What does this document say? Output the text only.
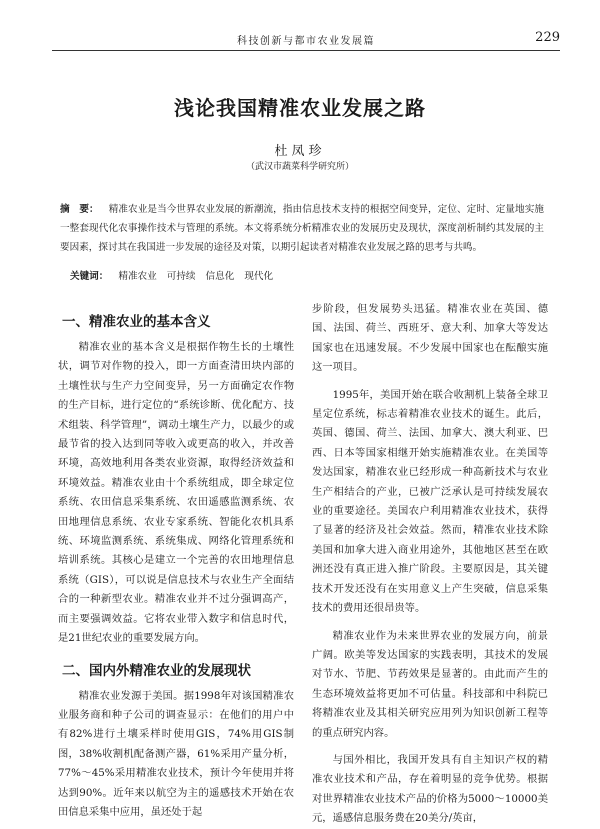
科技创新与都市农业发展篇	229
浅论我国精准农业发展之路
杜凤珍
（武汉市蔬菜科学研究所）
摘　要： 精准农业是当今世界农业发展的新潮流，指由信息技术支持的根据空间变异，定位、定时、定量地实施一整套现代化农事操作技术与管理的系统。本文将系统分析精准农业的发展历史及现状，深度剖析制约其发展的主要因素，探讨其在我国进一步发展的途径及对策，以期引起读者对精准农业发展之路的思考与共鸣。
关键词： 精准农业 可持续 信息化 现代化
一、精准农业的基本含义

精准农业的基本含义是根据作物生长的土壤性状，调节对作物的投入，即一方面查清田块内部的土壤性状与生产力空间变异，另一方面确定农作物的生产目标，进行定位的“系统诊断、优化配方、技术组装、科学管理”，调动土壤生产力，以最少的或最节省的投入达到同等收入或更高的收入，并改善环境，高效地利用各类农业资源，取得经济效益和环境效益。精准农业由十个系统组成，即全球定位系统、农田信息采集系统、农田遥感监测系统、农田地理信息系统、农业专家系统、智能化农机具系统、环境监测系统、系统集成、网络化管理系统和培训系统。其核心是建立一个完善的农田地理信息系统（GIS），可以说是信息技术与农业生产全面结合的一种新型农业。精准农业并不过分强调高产，而主要强调效益。它将农业带入数字和信息时代，是21世纪农业的重要发展方向。

二、国内外精准农业的发展现状

精准农业发源于美国。据1998年对该国精准农业服务商和种子公司的调查显示：在他们的用户中有82%进行土壤采样时使用GIS，74%用GIS制图，38%收割机配备测产器，61%采用产量分析，77%～45%采用精准农业技术，预计今年使用并将达到90%。近年来以航空为主的遥感技术开始在农田信息采集中应用，虽还处于起

步阶段，但发展势头迅猛。精准农业在英国、德国、法国、荷兰、西班牙、意大利、加拿大等发达国家也在迅速发展。不少发展中国家也在酝酿实施这一项目。

1995年，美国开始在联合收割机上装备全球卫星定位系统，标志着精准农业技术的诞生。此后，英国、德国、荷兰、法国、加拿大、澳大利亚、巴西、日本等国家相继开始实施精准农业。在美国等发达国家，精准农业已经形成一种高新技术与农业生产相结合的产业，已被广泛承认是可持续发展农业的重要途径。美国农户利用精准农业技术，获得了显著的经济及社会效益。然而，精准农业技术除美国和加拿大进入商业用途外，其他地区甚至在欧洲还没有真正进入推广阶段。主要原因是，其关键技术开发还没有在实用意义上产生突破，信息采集技术的费用还很昂贵等。

精准农业作为未来世界农业的发展方向，前景广阔。欧美等发达国家的实践表明，其技术的发展对节水、节肥、节药效果是显著的。由此而产生的生态环境效益将更加不可估量。科技部和中科院已将精准农业及其相关研究应用列为知识创新工程等的重点研究内容。

与国外相比，我国开发具有自主知识产权的精准农业技术和产品，存在着明显的竞争优势。根据对世界精准农业技术产品的价格为5000～10000美元，遥感信息服务费在20美分/英亩，
